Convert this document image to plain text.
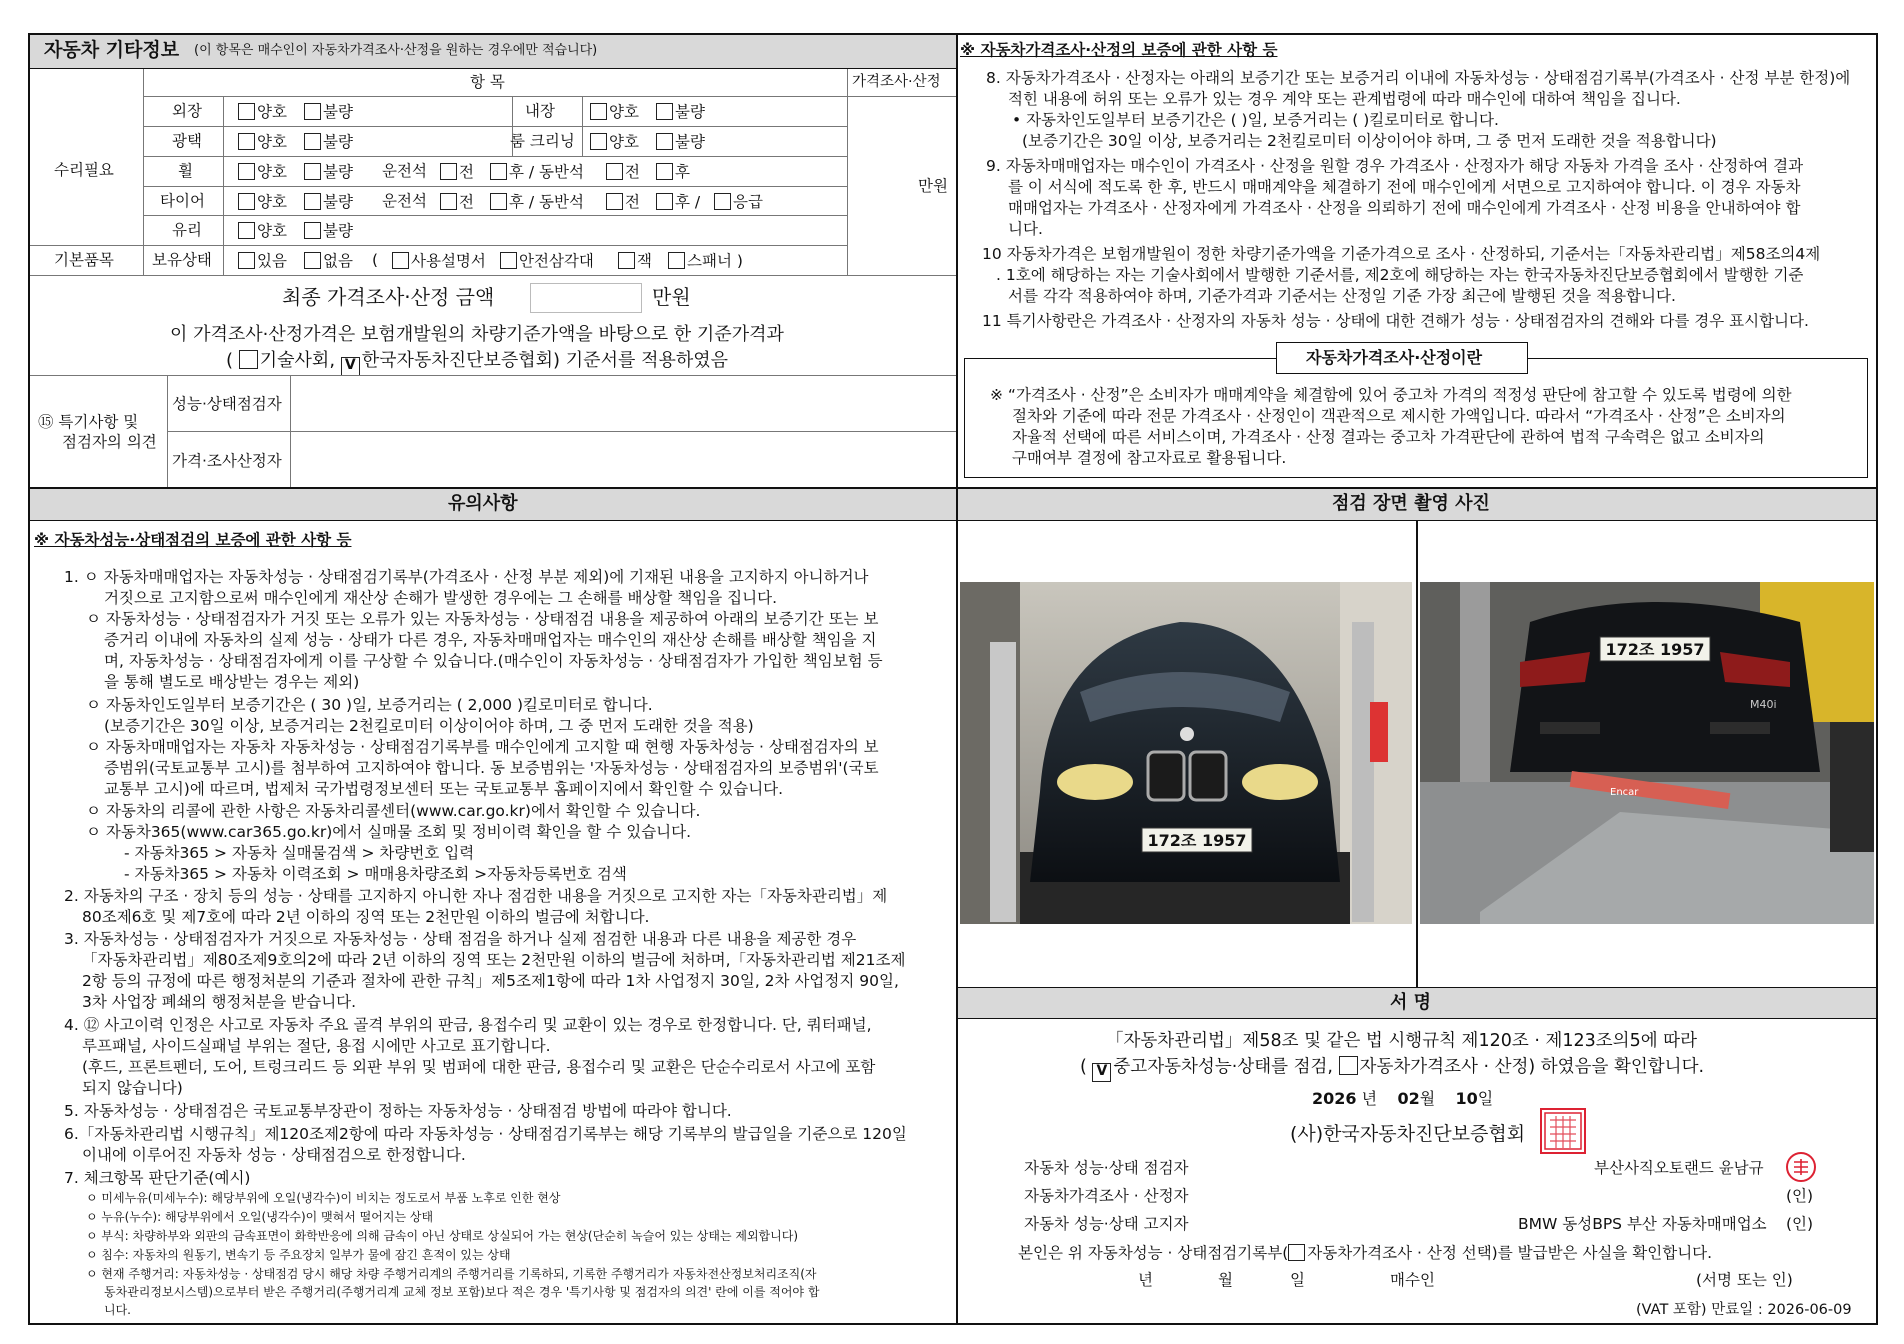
자동차 기타정보 (이 항목은 매수인이 자동차가격조사·산정을 원하는 경우에만 적습니다)
항 목	가격조사·산정
수리필요
기본품목
만원
외장	양호	불량	내장	양호	불량
광택	양호	불량	룸 크리닝	양호	불량
휠	양호	불량 운전석	전	후 / 동반석	전	후
타이어	양호	불량 운전석	전	후 / 동반석	전	후 /	응급
유리	양호	불량
보유상태	있음	없음 (	사용설명서	안전삼각대	잭	스패너 )
최종 가격조사·산정 금액	만원
이 가격조사·산정가격은 보험개발원의 차량기준가액을 바탕으로 한 기준가격과
( 기술사회, V 한국자동차진단보증협회) 기준서를 적용하였음
⑮ 특기사항 및
점검자의 의견
성능·상태점검자
가격·조사산정자
※ 자동차가격조사·산정의 보증에 관한 사항 등
8. 자동차가격조사 · 산정자는 아래의 보증기간 또는 보증거리 이내에 자동차성능 · 상태점검기록부(가격조사 · 산정 부분 한정)에
적힌 내용에 허위 또는 오류가 있는 경우 계약 또는 관계법령에 따라 매수인에 대하여 책임을 집니다.
• 자동차인도일부터 보증기간은 ( )일, 보증거리는 ( )킬로미터로 합니다.
(보증기간은 30일 이상, 보증거리는 2천킬로미터 이상이어야 하며, 그 중 먼저 도래한 것을 적용합니다)
9. 자동차매매업자는 매수인이 가격조사 · 산정을 원할 경우 가격조사 · 산정자가 해당 자동차 가격을 조사 · 산정하여 결과
를 이 서식에 적도록 한 후, 반드시 매매계약을 체결하기 전에 매수인에게 서면으로 고지하여야 합니다. 이 경우 자동차
매매업자는 가격조사 · 산정자에게 가격조사 · 산정을 의뢰하기 전에 매수인에게 가격조사 · 산정 비용을 안내하여야 합
니다.
10 자동차가격은 보험개발원이 정한 차량기준가액을 기준가격으로 조사 · 산정하되, 기준서는「자동차관리법」제58조의4제
. 1호에 해당하는 자는 기술사회에서 발행한 기준서를, 제2호에 해당하는 자는 한국자동차진단보증협회에서 발행한 기준
서를 각각 적용하여야 하며, 기준가격과 기준서는 산정일 기준 가장 최근에 발행된 것을 적용합니다.
11 특기사항란은 가격조사 · 산정자의 자동차 성능 · 상태에 대한 견해가 성능 · 상태점검자의 견해와 다를 경우 표시합니다.
자동차가격조사·산정이란
※ “가격조사 · 산정”은 소비자가 매매계약을 체결함에 있어 중고차 가격의 적정성 판단에 참고할 수 있도록 법령에 의한
절차와 기준에 따라 전문 가격조사 · 산정인이 객관적으로 제시한 가액입니다. 따라서 “가격조사 · 산정”은 소비자의
자율적 선택에 따른 서비스이며, 가격조사 · 산정 결과는 중고차 가격판단에 관하여 법적 구속력은 없고 소비자의
구매여부 결정에 참고자료로 활용됩니다.
유의사항
※ 자동차성능·상태점검의 보증에 관한 사항 등
1. ㅇ 자동차매매업자는 자동차성능 · 상태점검기록부(가격조사 · 산정 부분 제외)에 기재된 내용을 고지하지 아니하거나
거짓으로 고지함으로써 매수인에게 재산상 손해가 발생한 경우에는 그 손해를 배상할 책임을 집니다.
ㅇ 자동차성능 · 상태점검자가 거짓 또는 오류가 있는 자동차성능 · 상태점검 내용을 제공하여 아래의 보증기간 또는 보
증거리 이내에 자동차의 실제 성능 · 상태가 다른 경우, 자동차매매업자는 매수인의 재산상 손해를 배상할 책임을 지
며, 자동차성능 · 상태점검자에게 이를 구상할 수 있습니다.(매수인이 자동차성능 · 상태점검자가 가입한 책임보험 등
을 통해 별도로 배상받는 경우는 제외)
ㅇ 자동차인도일부터 보증기간은 ( 30 )일, 보증거리는 ( 2,000 )킬로미터로 합니다.
(보증기간은 30일 이상, 보증거리는 2천킬로미터 이상이어야 하며, 그 중 먼저 도래한 것을 적용)
ㅇ 자동차매매업자는 자동차 자동차성능 · 상태점검기록부를 매수인에게 고지할 때 현행 자동차성능 · 상태점검자의 보
증범위(국토교통부 고시)를 첨부하여 고지하여야 합니다. 동 보증범위는 '자동차성능 · 상태점검자의 보증범위'(국토
교통부 고시)에 따르며, 법제처 국가법령정보센터 또는 국토교통부 홈페이지에서 확인할 수 있습니다.
ㅇ 자동차의 리콜에 관한 사항은 자동차리콜센터(www.car.go.kr)에서 확인할 수 있습니다.
ㅇ 자동차365(www.car365.go.kr)에서 실매물 조회 및 정비이력 확인을 할 수 있습니다.
- 자동차365 > 자동차 실매물검색 > 차량번호 입력
- 자동차365 > 자동차 이력조회 > 매매용차량조회 >자동차등록번호 검색
2. 자동차의 구조 · 장치 등의 성능 · 상태를 고지하지 아니한 자나 점검한 내용을 거짓으로 고지한 자는「자동차관리법」제
80조제6호 및 제7호에 따라 2년 이하의 징역 또는 2천만원 이하의 벌금에 처합니다.
3. 자동차성능 · 상태점검자가 거짓으로 자동차성능 · 상태 점검을 하거나 실제 점검한 내용과 다른 내용을 제공한 경우
「자동차관리법」제80조제9호의2에 따라 2년 이하의 징역 또는 2천만원 이하의 벌금에 처하며,「자동차관리법 제21조제
2항 등의 규정에 따른 행정처분의 기준과 절차에 관한 규칙」제5조제1항에 따라 1차 사업정지 30일, 2차 사업정지 90일,
3차 사업장 폐쇄의 행정처분을 받습니다.
4. ⑫ 사고이력 인정은 사고로 자동차 주요 골격 부위의 판금, 용접수리 및 교환이 있는 경우로 한정합니다. 단, 쿼터패널,
루프패널, 사이드실패널 부위는 절단, 용접 시에만 사고로 표기합니다.
(후드, 프론트펜더, 도어, 트렁크리드 등 외판 부위 및 범퍼에 대한 판금, 용접수리 및 교환은 단순수리로서 사고에 포함
되지 않습니다)
5. 자동차성능 · 상태점검은 국토교통부장관이 정하는 자동차성능 · 상태점검 방법에 따라야 합니다.
6.「자동차관리법 시행규칙」제120조제2항에 따라 자동차성능 · 상태점검기록부는 해당 기록부의 발급일을 기준으로 120일
이내에 이루어진 자동차 성능 · 상태점검으로 한정합니다.
7. 체크항목 판단기준(예시)
ㅇ 미세누유(미세누수): 해당부위에 오일(냉각수)이 비치는 정도로서 부품 노후로 인한 현상
ㅇ 누유(누수): 해당부위에서 오일(냉각수)이 맺혀서 떨어지는 상태
ㅇ 부식: 차량하부와 외판의 금속표면이 화학반응에 의해 금속이 아닌 상태로 상실되어 가는 현상(단순히 녹슬어 있는 상태는 제외합니다)
ㅇ 침수: 자동차의 원동기, 변속기 등 주요장치 일부가 물에 잠긴 흔적이 있는 상태
ㅇ 현재 주행거리: 자동차성능 · 상태점검 당시 해당 차량 주행거리계의 주행거리를 기록하되, 기록한 주행거리가 자동차전산정보처리조직(자
동차관리정보시스템)으로부터 받은 주행거리(주행거리계 교체 정보 포함)보다 적은 경우 '특기사항 및 점검자의 의견' 란에 이를 적어야 합
니다.
점검 장면 촬영 사진
172조 1957
172조 1957
M40i
Encar
서 명
「자동차관리법」제58조 및 같은 법 시행규칙 제120조 · 제123조의5에 따라
( V 중고자동차성능·상태를 점검, 자동차가격조사 · 산정) 하였음을 확인합니다.
2026 년 02월 10일
(사)한국자동차진단보증협회
자동차 성능·상태 점검자	부산사직오토랜드 윤남규
자동차가격조사 · 산정자	(인)
자동차 성능·상태 고지자	BMW 동성BPS 부산 자동차매매업소 (인)
본인은 위 자동차성능 · 상태점검기록부( 자동차가격조사 · 산정 선택)를 발급받은 사실을 확인합니다.
년	월	일	매수인	(서명 또는 인)
(VAT 포함) 만료일 : 2026-06-09
